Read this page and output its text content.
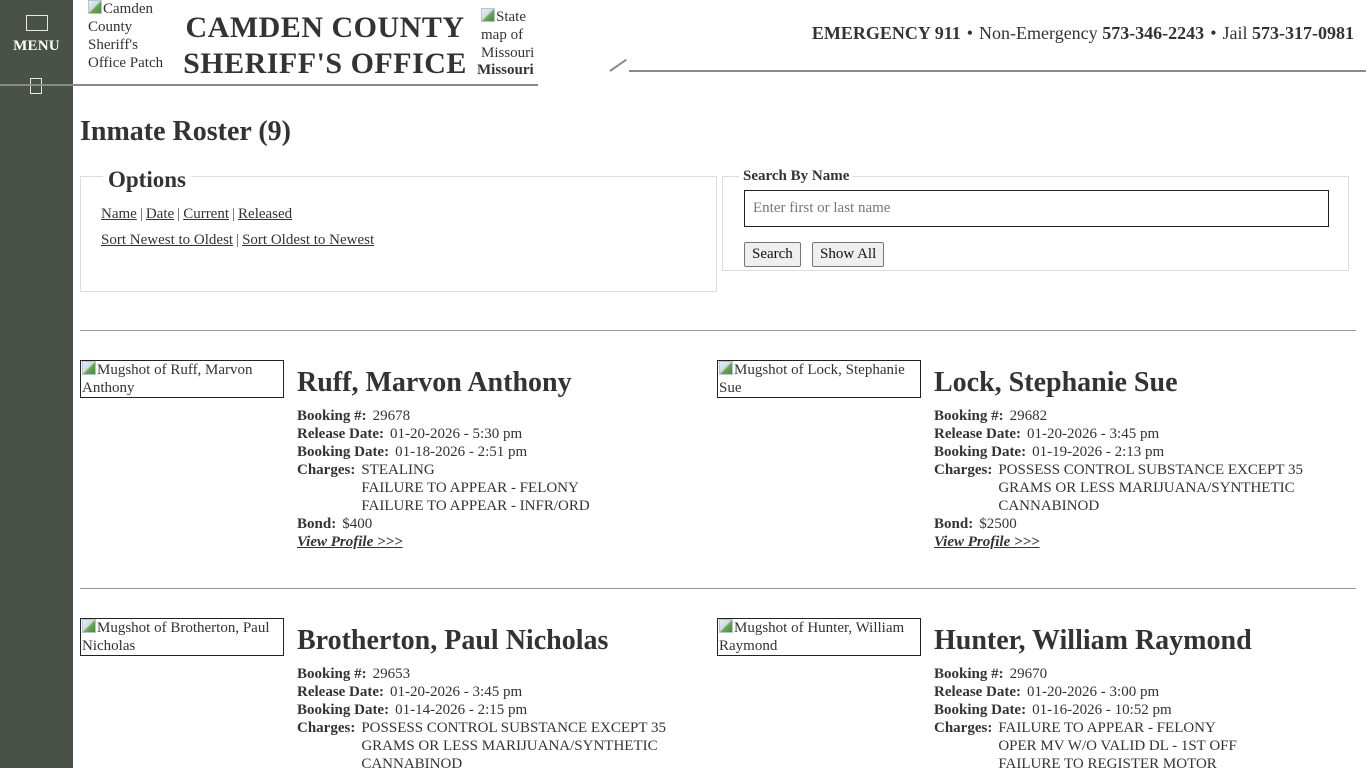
MENU
Camden County Sheriff's Office Patch
CAMDEN COUNTY
SHERIFF'S OFFICE
State map of Missouri
Missouri
EMERGENCY 911 • Non-Emergency 573-346-2243 • Jail 573-317-0981
Inmate Roster (9)
Options
Name | Date | Current | Released
Sort Newest to Oldest | Sort Oldest to Newest
Search By Name
Enter first or last name
Search	Show All
Mugshot of Ruff, Marvon Anthony	Ruff, Marvon Anthony
Booking #: 29678
Release Date: 01-20-2026 - 5:30 pm
Booking Date: 01-18-2026 - 2:51 pm
Charges: STEALING
FAILURE TO APPEAR - FELONY
FAILURE TO APPEAR - INFR/ORD
Bond: $400
View Profile >>>
Mugshot of Lock, Stephanie Sue	Lock, Stephanie Sue
Booking #: 29682
Release Date: 01-20-2026 - 3:45 pm
Booking Date: 01-19-2026 - 2:13 pm
Charges: POSSESS CONTROL SUBSTANCE EXCEPT 35 GRAMS OR LESS MARIJUANA/SYNTHETIC CANNABINOD
Bond: $2500
View Profile >>>
Mugshot of Brotherton, Paul Nicholas	Brotherton, Paul Nicholas
Booking #: 29653
Release Date: 01-20-2026 - 3:45 pm
Booking Date: 01-14-2026 - 2:15 pm
Charges: POSSESS CONTROL SUBSTANCE EXCEPT 35 GRAMS OR LESS MARIJUANA/SYNTHETIC CANNABINOD
Mugshot of Hunter, William Raymond	Hunter, William Raymond
Booking #: 29670
Release Date: 01-20-2026 - 3:00 pm
Booking Date: 01-16-2026 - 10:52 pm
Charges: FAILURE TO APPEAR - FELONY
OPER MV W/O VALID DL - 1ST OFF
FAILURE TO REGISTER MOTOR
